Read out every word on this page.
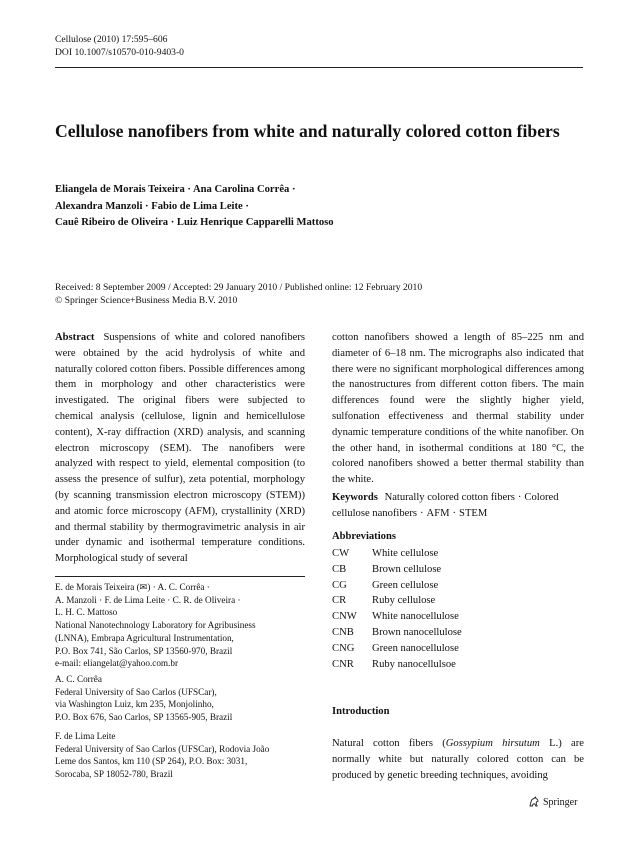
Cellulose (2010) 17:595–606
DOI 10.1007/s10570-010-9403-0
Cellulose nanofibers from white and naturally colored cotton fibers
Eliangela de Morais Teixeira · Ana Carolina Corrêa ·
Alexandra Manzoli · Fabio de Lima Leite ·
Cauê Ribeiro de Oliveira · Luiz Henrique Capparelli Mattoso
Received: 8 September 2009 / Accepted: 29 January 2010 / Published online: 12 February 2010
© Springer Science+Business Media B.V. 2010
Abstract Suspensions of white and colored nanofibers were obtained by the acid hydrolysis of white and naturally colored cotton fibers. Possible differences among them in morphology and other characteristics were investigated. The original fibers were subjected to chemical analysis (cellulose, lignin and hemicellulose content), X-ray diffraction (XRD) analysis, and scanning electron microscopy (SEM). The nanofibers were analyzed with respect to yield, elemental composition (to assess the presence of sulfur), zeta potential, morphology (by scanning transmission electron microscopy (STEM)) and atomic force microscopy (AFM), crystallinity (XRD) and thermal stability by thermogravimetric analysis in air under dynamic and isothermal temperature conditions. Morphological study of several
E. de Morais Teixeira (✉) · A. C. Corrêa ·
A. Manzoli · F. de Lima Leite · C. R. de Oliveira ·
L. H. C. Mattoso
National Nanotechnology Laboratory for Agribusiness
(LNNA), Embrapa Agricultural Instrumentation,
P.O. Box 741, São Carlos, SP 13560-970, Brazil
e-mail: eliangelat@yahoo.com.br
A. C. Corrêa
Federal University of Sao Carlos (UFSCar),
via Washington Luiz, km 235, Monjolinho,
P.O. Box 676, Sao Carlos, SP 13565-905, Brazil
F. de Lima Leite
Federal University of Sao Carlos (UFSCar), Rodovia João
Leme dos Santos, km 110 (SP 264), P.O. Box: 3031,
Sorocaba, SP 18052-780, Brazil
cotton nanofibers showed a length of 85–225 nm and diameter of 6–18 nm. The micrographs also indicated that there were no significant morphological differences among the nanostructures from different cotton fibers. The main differences found were the slightly higher yield, sulfonation effectiveness and thermal stability under dynamic temperature conditions of the white nanofiber. On the other hand, in isothermal conditions at 180 °C, the colored nanofibers showed a better thermal stability than the white.
Keywords Naturally colored cotton fibers · Colored cellulose nanofibers · AFM · STEM
Abbreviations
CW	White cellulose
CB	Brown cellulose
CG	Green cellulose
CR	Ruby cellulose
CNW	White nanocellulose
CNB	Brown nanocellulose
CNG	Green nanocellulose
CNR	Ruby nanocellulsoe
Introduction
Natural cotton fibers (Gossypium hirsutum L.) are normally white but naturally colored cotton can be produced by genetic breeding techniques, avoiding
Springer
